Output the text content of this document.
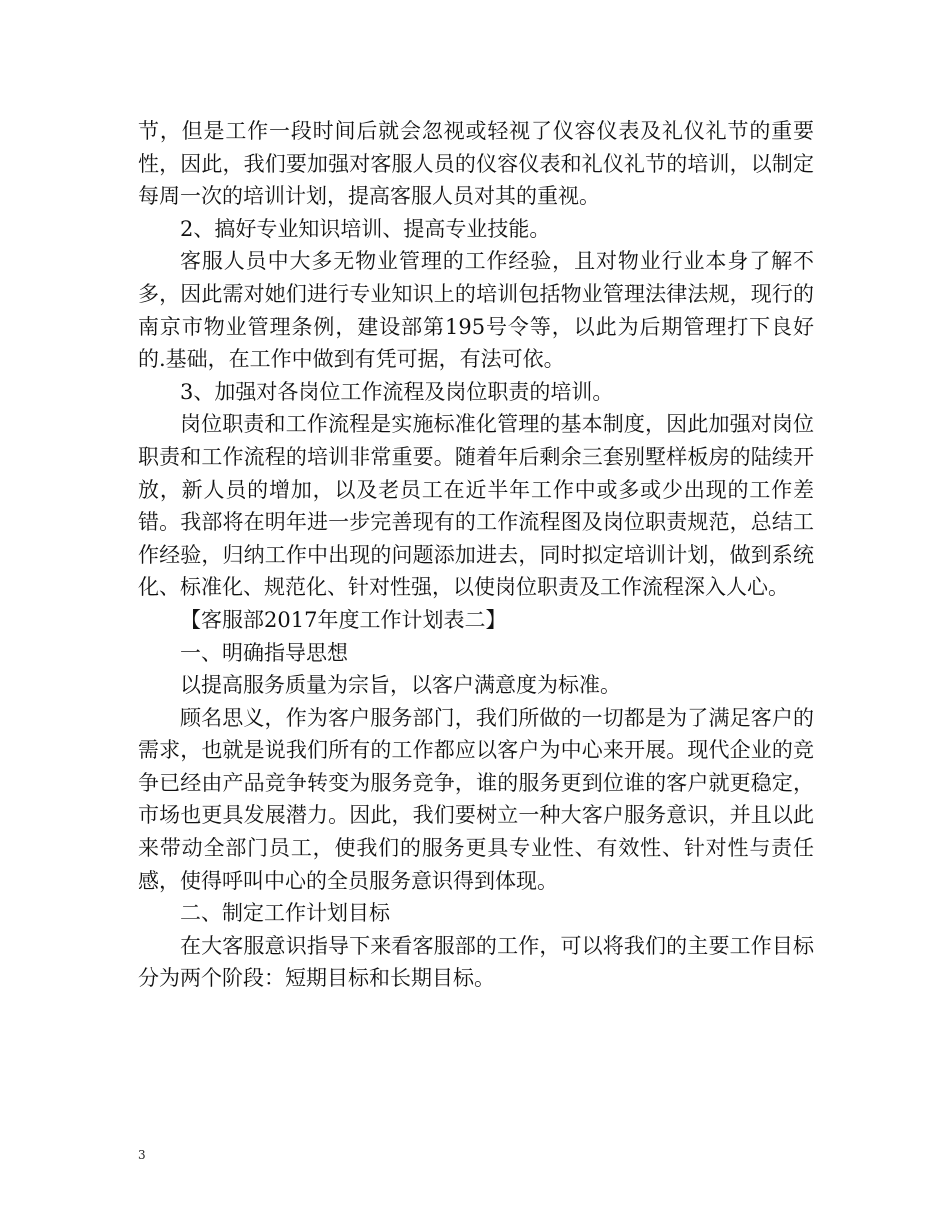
节，但是工作一段时间后就会忽视或轻视了仪容仪表及礼仪礼节的重要性，因此，我们要加强对客服人员的仪容仪表和礼仪礼节的培训，以制定每周一次的培训计划，提高客服人员对其的重视。

2、搞好专业知识培训、提高专业技能。

客服人员中大多无物业管理的工作经验，且对物业行业本身了解不多，因此需对她们进行专业知识上的培训包括物业管理法律法规，现行的南京市物业管理条例，建设部第195号令等，以此为后期管理打下良好的.基础，在工作中做到有凭可据，有法可依。

3、加强对各岗位工作流程及岗位职责的培训。

岗位职责和工作流程是实施标准化管理的基本制度，因此加强对岗位职责和工作流程的培训非常重要。随着年后剩余三套别墅样板房的陆续开放，新人员的增加，以及老员工在近半年工作中或多或少出现的工作差错。我部将在明年进一步完善现有的工作流程图及岗位职责规范，总结工作经验，归纳工作中出现的问题添加进去，同时拟定培训计划，做到系统化、标准化、规范化、针对性强，以使岗位职责及工作流程深入人心。

【客服部2017年度工作计划表二】

一、明确指导思想

以提高服务质量为宗旨，以客户满意度为标准。

顾名思义，作为客户服务部门，我们所做的一切都是为了满足客户的需求，也就是说我们所有的工作都应以客户为中心来开展。现代企业的竞争已经由产品竞争转变为服务竞争，谁的服务更到位谁的客户就更稳定，市场也更具发展潜力。因此，我们要树立一种大客户服务意识，并且以此来带动全部门员工，使我们的服务更具专业性、有效性、针对性与责任感，使得呼叫中心的全员服务意识得到体现。

二、制定工作计划目标

在大客服意识指导下来看客服部的工作，可以将我们的主要工作目标分为两个阶段：短期目标和长期目标。

3
